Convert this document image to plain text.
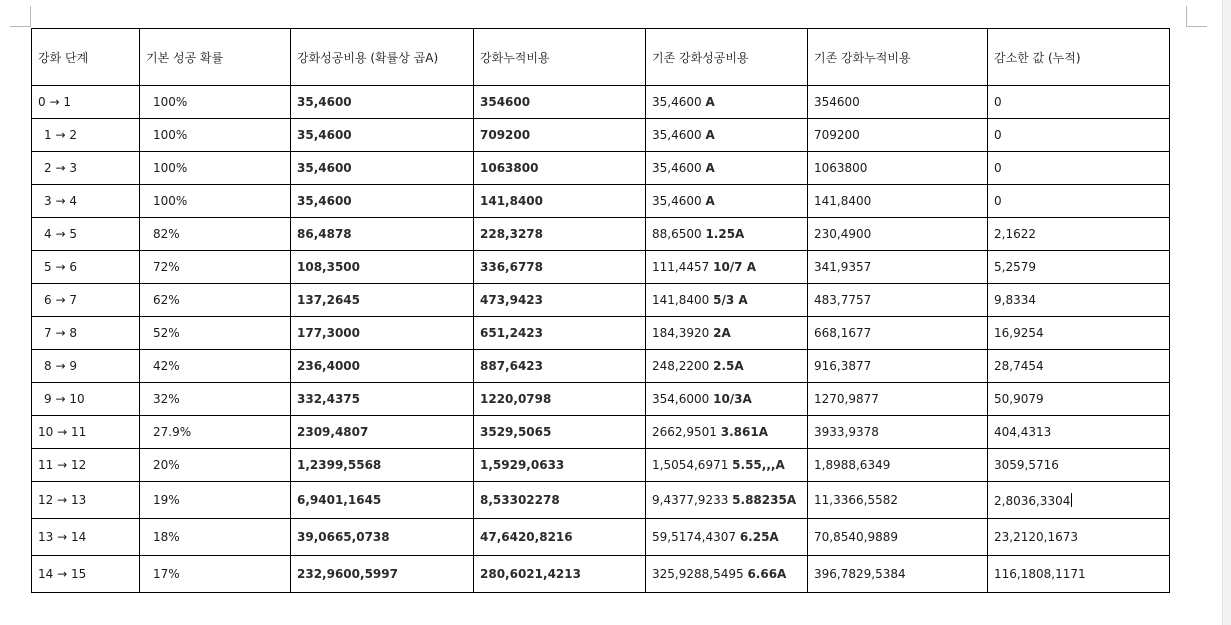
강화 단계	기본 성공 확률	강화성공비용 (확률상 곱A)	강화누적비용	기존 강화성공비용	기존 강화누적비용	감소한 값 (누적)
0 → 1	100%	35,4600	354600	35,4600 A	354600	0
1 → 2	100%	35,4600	709200	35,4600 A	709200	0
2 → 3	100%	35,4600	1063800	35,4600 A	1063800	0
3 → 4	100%	35,4600	141,8400	35,4600 A	141,8400	0
4 → 5	82%	86,4878	228,3278	88,6500 1.25A	230,4900	2,1622
5 → 6	72%	108,3500	336,6778	111,4457 10/7 A	341,9357	5,2579
6 → 7	62%	137,2645	473,9423	141,8400 5/3 A	483,7757	9,8334
7 → 8	52%	177,3000	651,2423	184,3920 2A	668,1677	16,9254
8 → 9	42%	236,4000	887,6423	248,2200 2.5A	916,3877	28,7454
9 → 10	32%	332,4375	1220,0798	354,6000 10/3A	1270,9877	50,9079
10 → 11	27.9%	2309,4807	3529,5065	2662,9501 3.861A	3933,9378	404,4313
11 → 12	20%	1,2399,5568	1,5929,0633	1,5054,6971 5.55,,,A	1,8988,6349	3059,5716
12 → 13	19%	6,9401,1645	8,53302278	9,4377,9233 5.88235A	11,3366,5582	2,8036,3304
13 → 14	18%	39,0665,0738	47,6420,8216	59,5174,4307 6.25A	70,8540,9889	23,2120,1673
14 → 15	17%	232,9600,5997	280,6021,4213	325,9288,5495 6.66A	396,7829,5384	116,1808,1171
